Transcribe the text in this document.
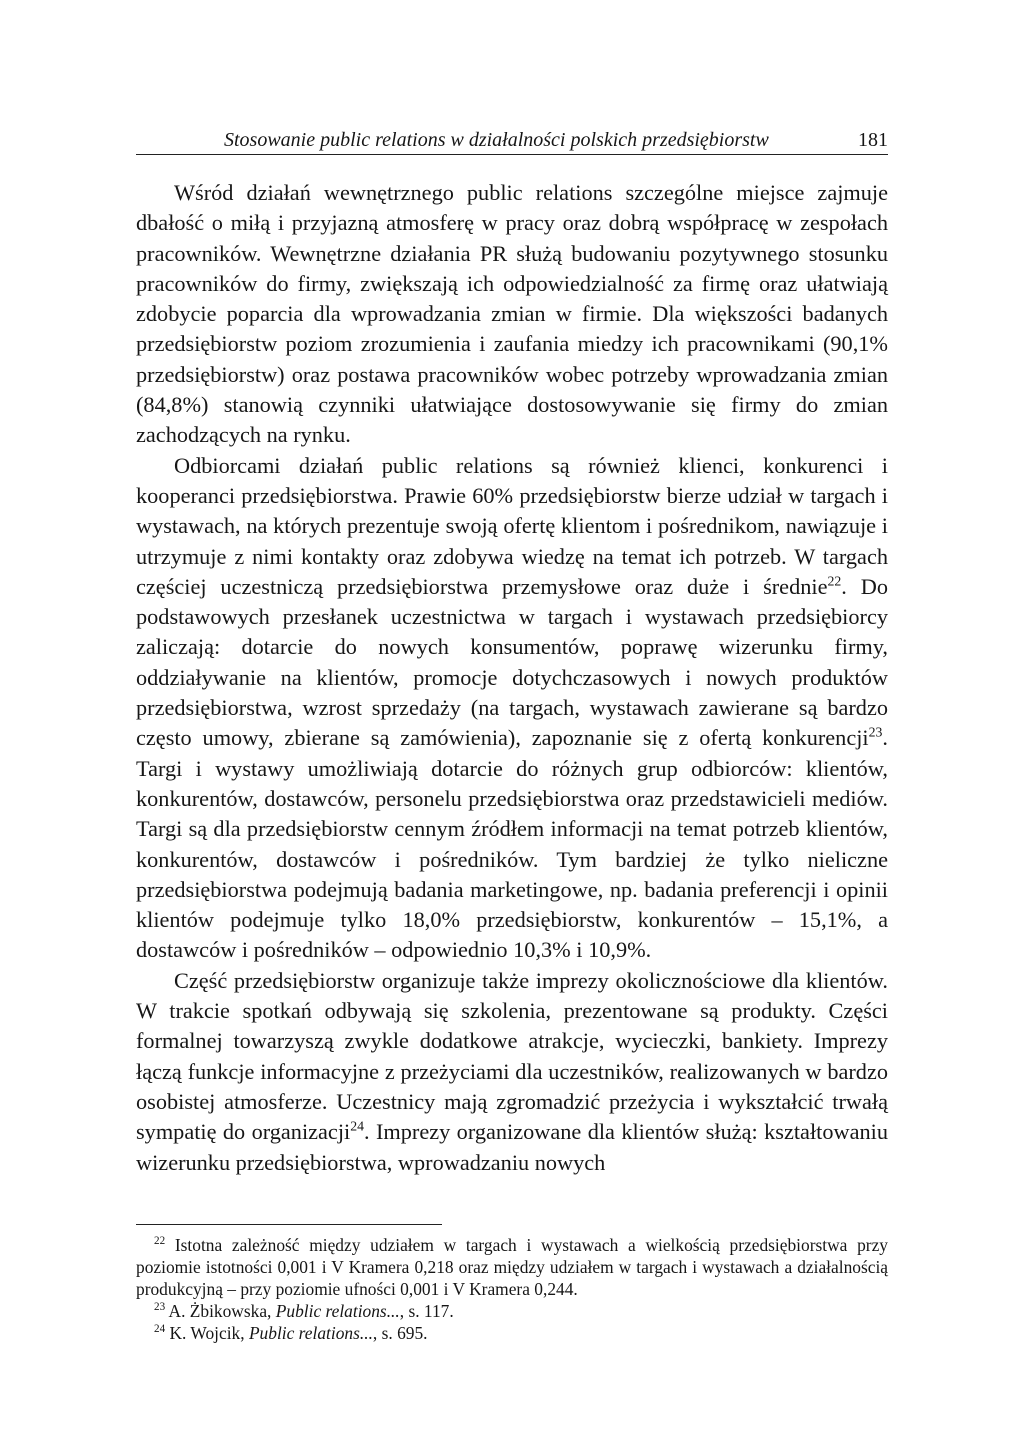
Stosowanie public relations w działalności polskich przedsiębiorstw	181

Wśród działań wewnętrznego public relations szczególne miejsce zajmuje dbałość o miłą i przyjazną atmosferę w pracy oraz dobrą współpracę w zespołach pracowników. Wewnętrzne działania PR służą budowaniu pozytywnego stosunku pracowników do firmy, zwiększają ich odpowiedzialność za firmę oraz ułatwiają zdobycie poparcia dla wprowadzania zmian w firmie. Dla większości badanych przedsiębiorstw poziom zrozumienia i zaufania miedzy ich pracownikami (90,1% przedsiębiorstw) oraz postawa pracowników wobec potrzeby wprowadzania zmian (84,8%) stanowią czynniki ułatwiające dostosowywanie się firmy do zmian zachodzących na rynku.

Odbiorcami działań public relations są również klienci, konkurenci i kooperanci przedsiębiorstwa. Prawie 60% przedsiębiorstw bierze udział w targach i wystawach, na których prezentuje swoją ofertę klientom i pośrednikom, nawiązuje i utrzymuje z nimi kontakty oraz zdobywa wiedzę na temat ich potrzeb. W targach częściej uczestniczą przedsiębiorstwa przemysłowe oraz duże i średnie$^{22}$. Do podstawowych przesłanek uczestnictwa w targach i wystawach przedsiębiorcy zaliczają: dotarcie do nowych konsumentów, poprawę wizerunku firmy, oddziaływanie na klientów, promocje dotychczasowych i nowych produktów przedsiębiorstwa, wzrost sprzedaży (na targach, wystawach zawierane są bardzo często umowy, zbierane są zamówienia), zapoznanie się z ofertą konkurencji$^{23}$. Targi i wystawy umożliwiają dotarcie do różnych grup odbiorców: klientów, konkurentów, dostawców, personelu przedsiębiorstwa oraz przedstawicieli mediów. Targi są dla przedsiębiorstw cennym źródłem informacji na temat potrzeb klientów, konkurentów, dostawców i pośredników. Tym bardziej że tylko nieliczne przedsiębiorstwa podejmują badania marketingowe, np. badania preferencji i opinii klientów podejmuje tylko 18,0% przedsiębiorstw, konkurentów – 15,1%, a dostawców i pośredników – odpowiednio 10,3% i 10,9%.

Część przedsiębiorstw organizuje także imprezy okolicznościowe dla klientów. W trakcie spotkań odbywają się szkolenia, prezentowane są produkty. Części formalnej towarzyszą zwykle dodatkowe atrakcje, wycieczki, bankiety. Imprezy łączą funkcje informacyjne z przeżyciami dla uczestników, realizowanych w bardzo osobistej atmosferze. Uczestnicy mają zgromadzić przeżycia i wykształcić trwałą sympatię do organizacji$^{24}$. Imprezy organizowane dla klientów służą: kształtowaniu wizerunku przedsiębiorstwa, wprowadzaniu nowych

$^{22}$ Istotna zależność między udziałem w targach i wystawach a wielkością przedsiębiorstwa przy poziomie istotności 0,001 i V Kramera 0,218 oraz między udziałem w targach i wystawach a działalnością produkcyjną – przy poziomie ufności 0,001 i V Kramera 0,244.

$^{23}$ A. Żbikowska, Public relations..., s. 117.

$^{24}$ K. Wojcik, Public relations..., s. 695.
